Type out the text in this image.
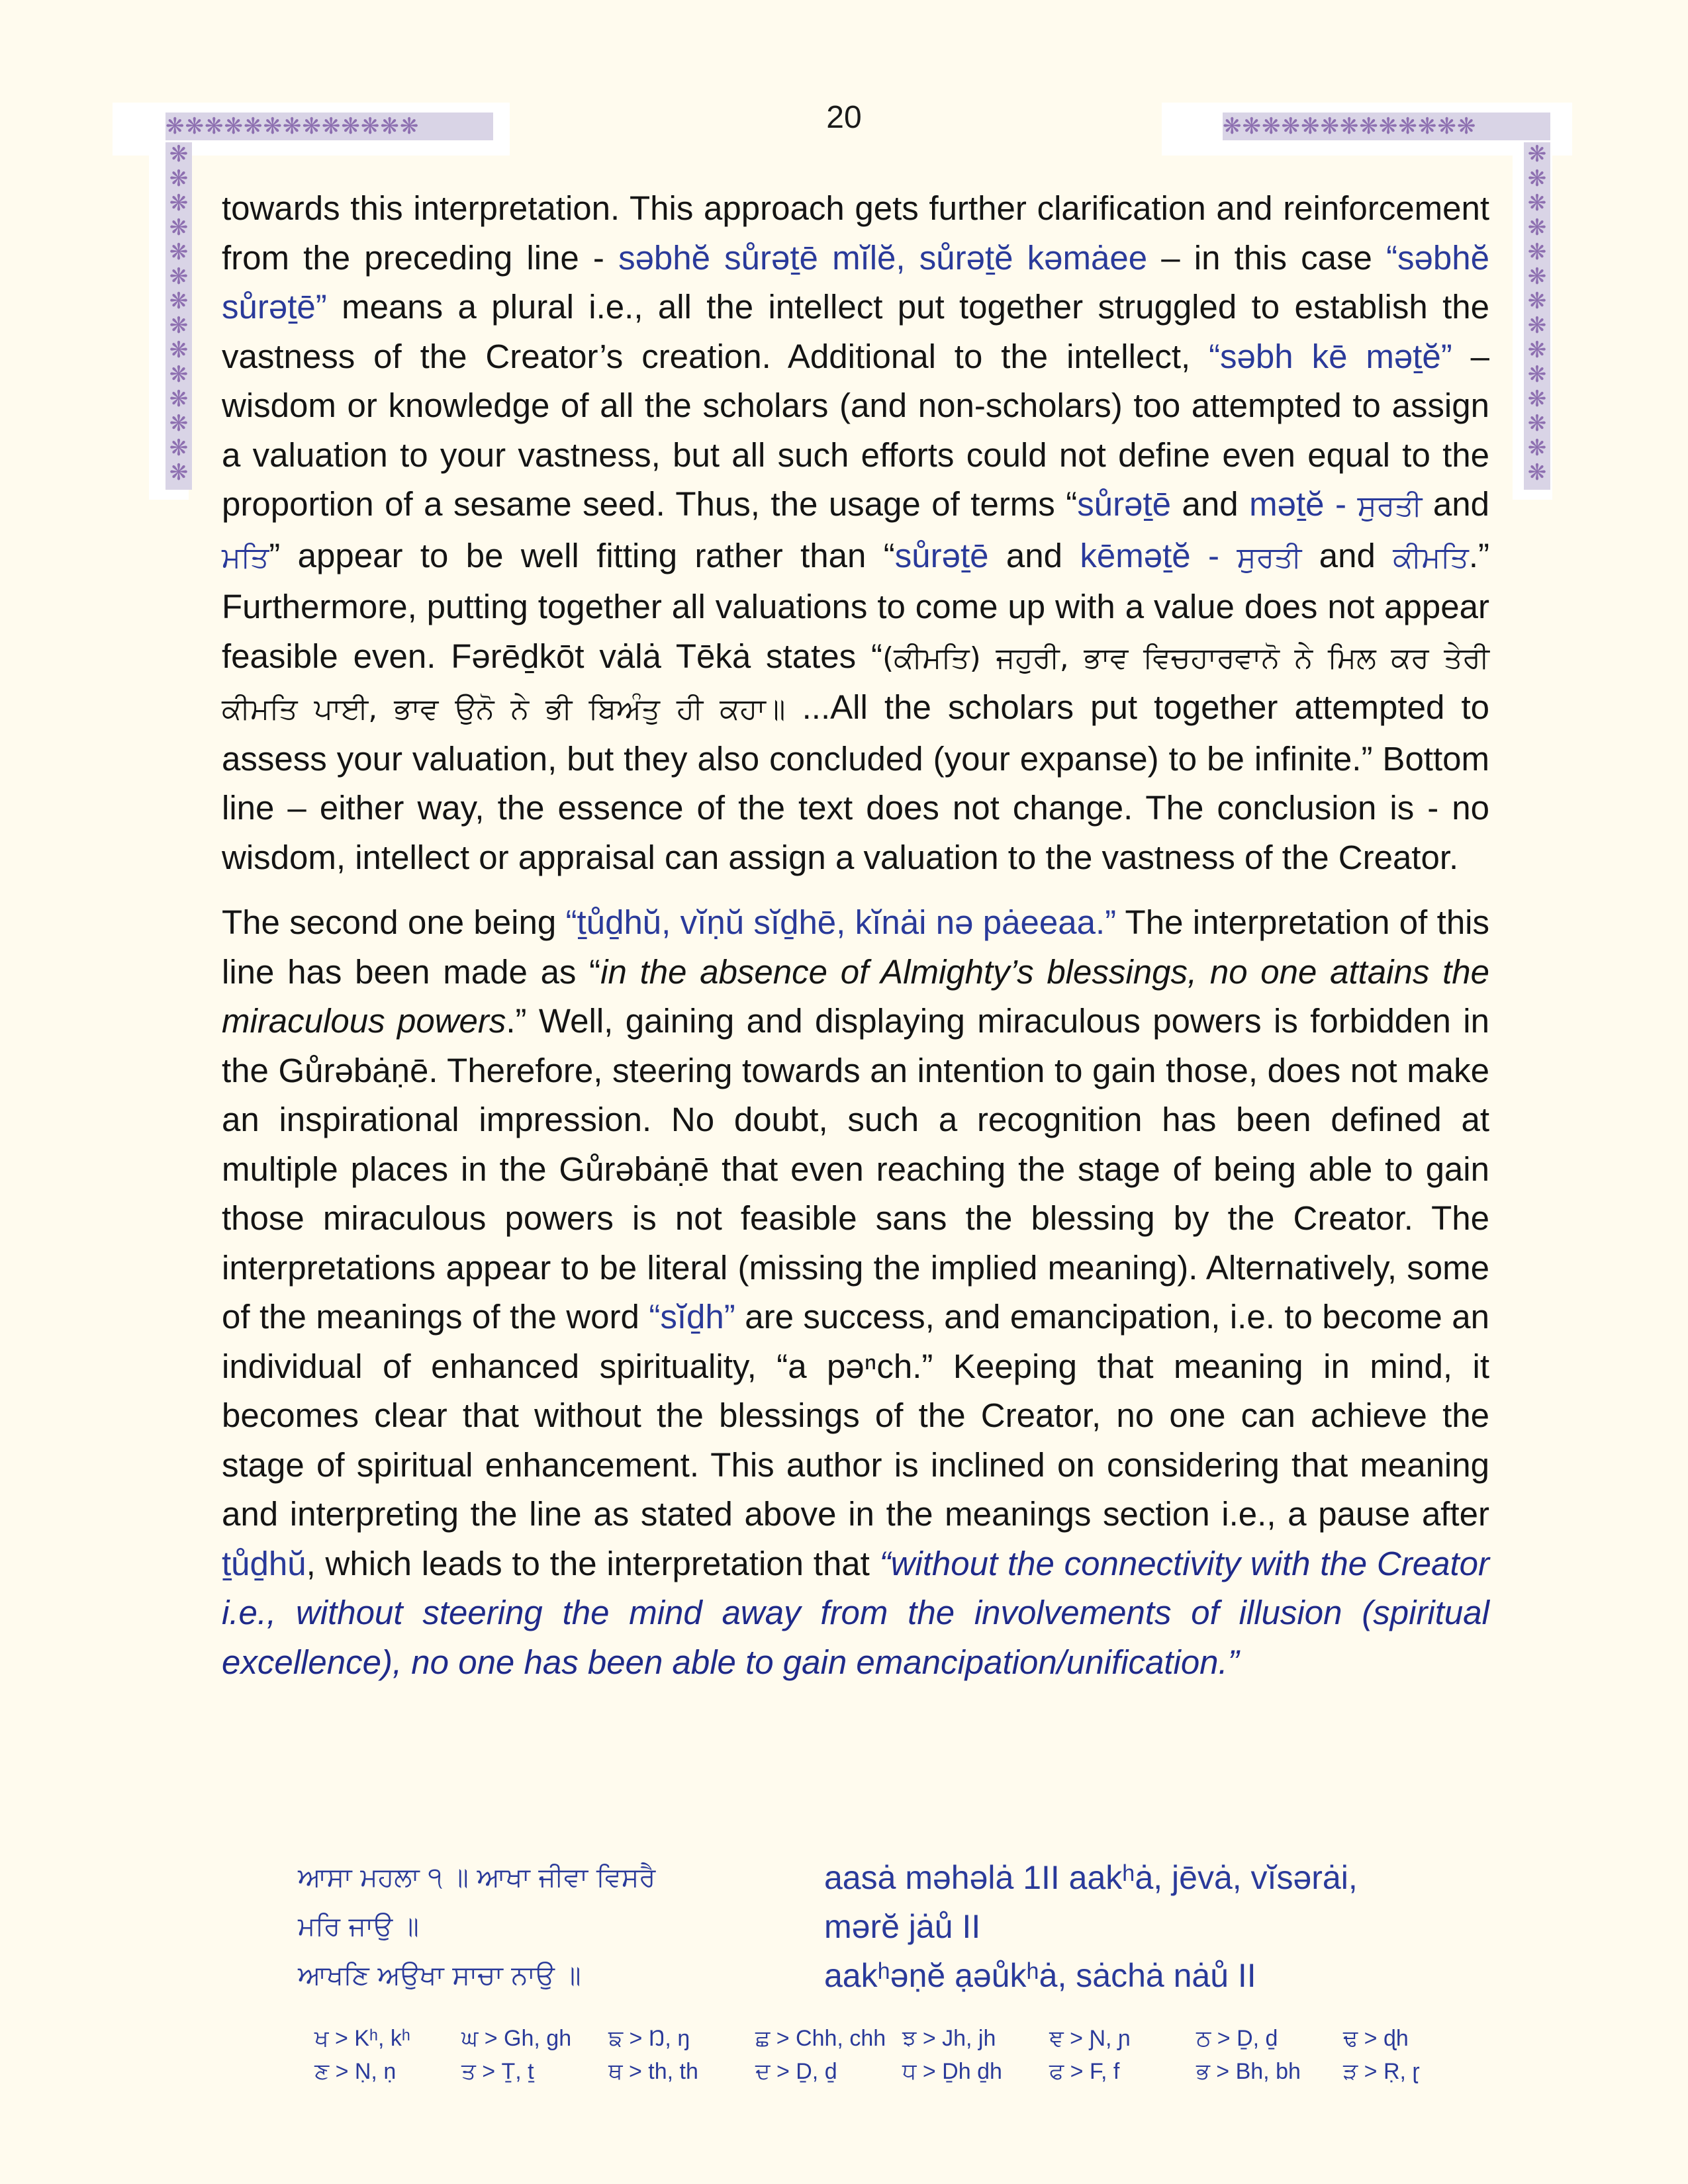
❋❋❋❋❋❋❋❋❋❋❋❋❋	❋❋❋❋❋❋❋❋❋❋❋❋❋
❋❋❋❋❋❋❋❋❋❋❋❋❋❋
❋❋❋❋❋❋❋❋❋❋❋❋❋❋
20

towards this interpretation. This approach gets further clarification and reinforcement from the preceding line - səbhĕ sůrəṯē mĭlĕ, sůrəṯĕ kəmȧee – in this case “səbhĕ sůrəṯē” means a plural i.e., all the intellect put together struggled to establish the vastness of the Creator’s creation. Additional to the intellect, “səbh kē məṯĕ” – wisdom or knowledge of all the scholars (and non-scholars) too attempted to assign a valuation to your vastness, but all such efforts could not define even equal to the proportion of a sesame seed. Thus, the usage of terms “sůrəṯē and məṯĕ - ਸੁਰਤੀ and ਮਤਿ” appear to be well fitting rather than “sůrəṯē and kēməṯĕ - ਸੁਰਤੀ and ਕੀਮਤਿ.” Furthermore, putting together all valuations to come up with a value does not appear feasible even. Fərēḏkōt vȧlȧ Tēkȧ states “(ਕੀਮਤਿ) ਜਹੁਰੀ, ਭਾਵ ਵਿਚਹਾਰਵਾਨੋ ਨੇ ਮਿਲ ਕਰ ਤੇਰੀ ਕੀਮਤਿ ਪਾਈ, ਭਾਵ ਉਨੋ ਨੇ ਭੀ ਬਿਅੰਤੁ ਹੀ ਕਹਾ॥ ...All the scholars put together attempted to assess your valuation, but they also concluded (your expanse) to be infinite.” Bottom line – either way, the essence of the text does not change. The conclusion is - no wisdom, intellect or appraisal can assign a valuation to the vastness of the Creator.

The second one being “ṯůḏhŭ, vĭṇŭ sĭḏhē, kĭnȧi nə pȧeeaa.” The interpretation of this line has been made as “in the absence of Almighty’s blessings, no one attains the miraculous powers.” Well, gaining and displaying miraculous powers is forbidden in the Gůrəbȧṇē. Therefore, steering towards an intention to gain those, does not make an inspirational impression. No doubt, such a recognition has been defined at multiple places in the Gůrəbȧṇē that even reaching the stage of being able to gain those miraculous powers is not feasible sans the blessing by the Creator. The interpretations appear to be literal (missing the implied meaning). Alternatively, some of the meanings of the word “sĭḏh” are success, and emancipation, i.e. to become an individual of enhanced spirituality, “a pəⁿch.” Keeping that meaning in mind, it becomes clear that without the blessings of the Creator, no one can achieve the stage of spiritual enhancement. This author is inclined on considering that meaning and interpreting the line as stated above in the meanings section i.e., a pause after ṯůḏhŭ, which leads to the interpretation that “without the connectivity with the Creator i.e., without steering the mind away from the involvements of illusion (spiritual excellence), no one has been able to gain emancipation/unification.”

ਆਸਾ ਮਹਲਾ ੧ ॥ ਆਖਾ ਜੀਵਾ ਵਿਸਰੈ	aasȧ məhəlȧ 1II aakʰȧ, jēvȧ, vĭsərȧi,
ਮਰਿ ਜਾਉ ॥	mərĕ jȧů II
ਆਖਣਿ ਅਉਖਾ ਸਾਚਾ ਨਾਉ ॥	aakʰəṇĕ ạəůkʰȧ, sȧchȧ nȧů II
ਖ > Kʰ, kʰ	ਘ > Gh, gh	ਙ > Ŋ, ŋ	ਛ > Chh, chh ਝ > Jh, jh	ਞ > Ɲ, ɲ	ਠ > Ḏ, ḏ	ਢ > ɖh
ਣ > Ṇ, ṇ	ਤ > Ṯ, ṯ	ਥ > th, th	ਦ > Ḏ, ḏ	ਧ > Ḏh ḏh	ਫ > F, f	ਭ > Bh, bh	ੜ > Ṛ, ɽ
